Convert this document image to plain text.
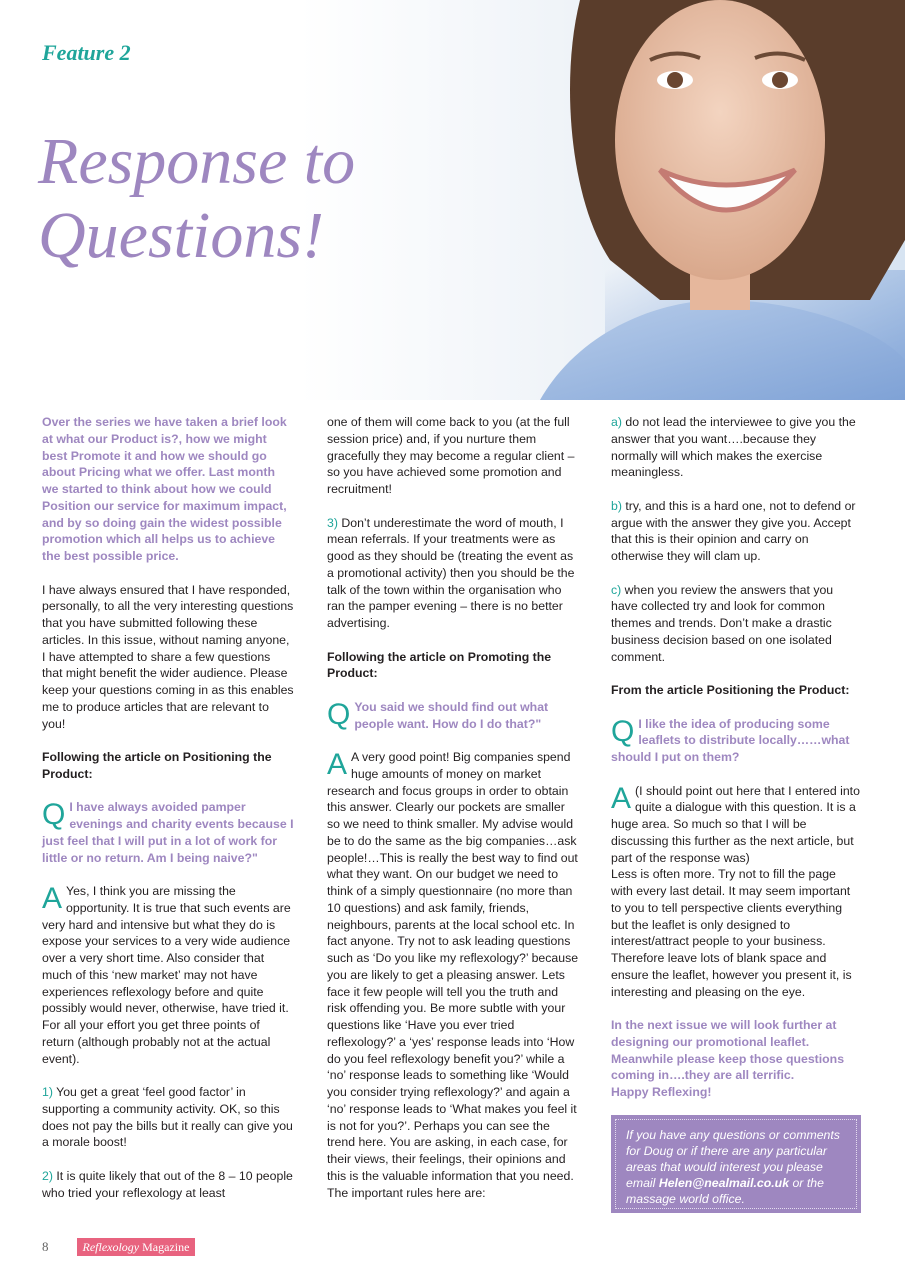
Feature 2
Response to
Questions!

Over the series we have taken a brief look at what our Product is?, how we might best Promote it and how we should go about Pricing what we offer. Last month we started to think about how we could Position our service for maximum impact, and by so doing gain the widest possible promotion which all helps us to achieve the best possible price.

I have always ensured that I have responded, personally, to all the very interesting questions that you have submitted following these articles. In this issue, without naming anyone, I have attempted to share a few questions that might benefit the wider audience. Please keep your questions coming in as this enables me to produce articles that are relevant to you!

Following the article on Positioning the Product:

Q I have always avoided pamper evenings and charity events because I just feel that I will put in a lot of work for little or no return. Am I being naive?"

A Yes, I think you are missing the opportunity. It is true that such events are very hard and intensive but what they do is expose your services to a very wide audience over a very short time. Also consider that much of this ‘new market’ may not have experiences reflexology before and quite possibly would never, otherwise, have tried it. For all your effort you get three points of return (although probably not at the actual event).

1) You get a great ‘feel good factor’ in supporting a community activity. OK, so this does not pay the bills but it really can give you a morale boost!

2) It is quite likely that out of the 8 – 10 people who tried your reflexology at least

one of them will come back to you (at the full session price) and, if you nurture them gracefully they may become a regular client – so you have achieved some promotion and recruitment!

3) Don’t underestimate the word of mouth, I mean referrals. If your treatments were as good as they should be (treating the event as a promotional activity) then you should be the talk of the town within the organisation who ran the pamper evening – there is no better advertising.

Following the article on Promoting the Product:

Q You said we should find out what people want. How do I do that?"

A A very good point! Big companies spend huge amounts of money on market research and focus groups in order to obtain this answer. Clearly our pockets are smaller so we need to think smaller. My advise would be to do the same as the big companies…ask people!…This is really the best way to find out what they want. On our budget we need to think of a simply questionnaire (no more than 10 questions) and ask family, friends, neighbours, parents at the local school etc. In fact anyone. Try not to ask leading questions such as ‘Do you like my reflexology?’ because you are likely to get a pleasing answer. Lets face it few people will tell you the truth and risk offending you. Be more subtle with your questions like ‘Have you ever tried reflexology?’ a ‘yes’ response leads into ‘How do you feel reflexology benefit you?’ while a ‘no’ response leads to something like ‘Would you consider trying reflexology?’ and again a ‘no’ response leads to ‘What makes you feel it is not for you?’. Perhaps you can see the trend here. You are asking, in each case, for their views, their feelings, their opinions and this is the valuable information that you need. The important rules here are:

a) do not lead the interviewee to give you the answer that you want….because they normally will which makes the exercise meaningless.

b) try, and this is a hard one, not to defend or argue with the answer they give you. Accept that this is their opinion and carry on otherwise they will clam up.

c) when you review the answers that you have collected try and look for common themes and trends. Don’t make a drastic business decision based on one isolated comment.

From the article Positioning the Product:

Q I like the idea of producing some leaflets to distribute locally……what should I put on them?

A (I should point out here that I entered into quite a dialogue with this question. It is a huge area. So much so that I will be discussing this further as the next article, but part of the response was)
Less is often more. Try not to fill the page with every last detail. It may seem important to you to tell perspective clients everything but the leaflet is only designed to interest/attract people to your business. Therefore leave lots of blank space and ensure the leaflet, however you present it, is interesting and pleasing on the eye.

In the next issue we will look further at designing our promotional leaflet. Meanwhile please keep those questions coming in….they are all terrific.
Happy Reflexing!

If you have any questions or comments for Doug or if there are any particular areas that would interest you please email Helen@nealmail.co.uk or the massage world office.
8	Reflexology Magazine
